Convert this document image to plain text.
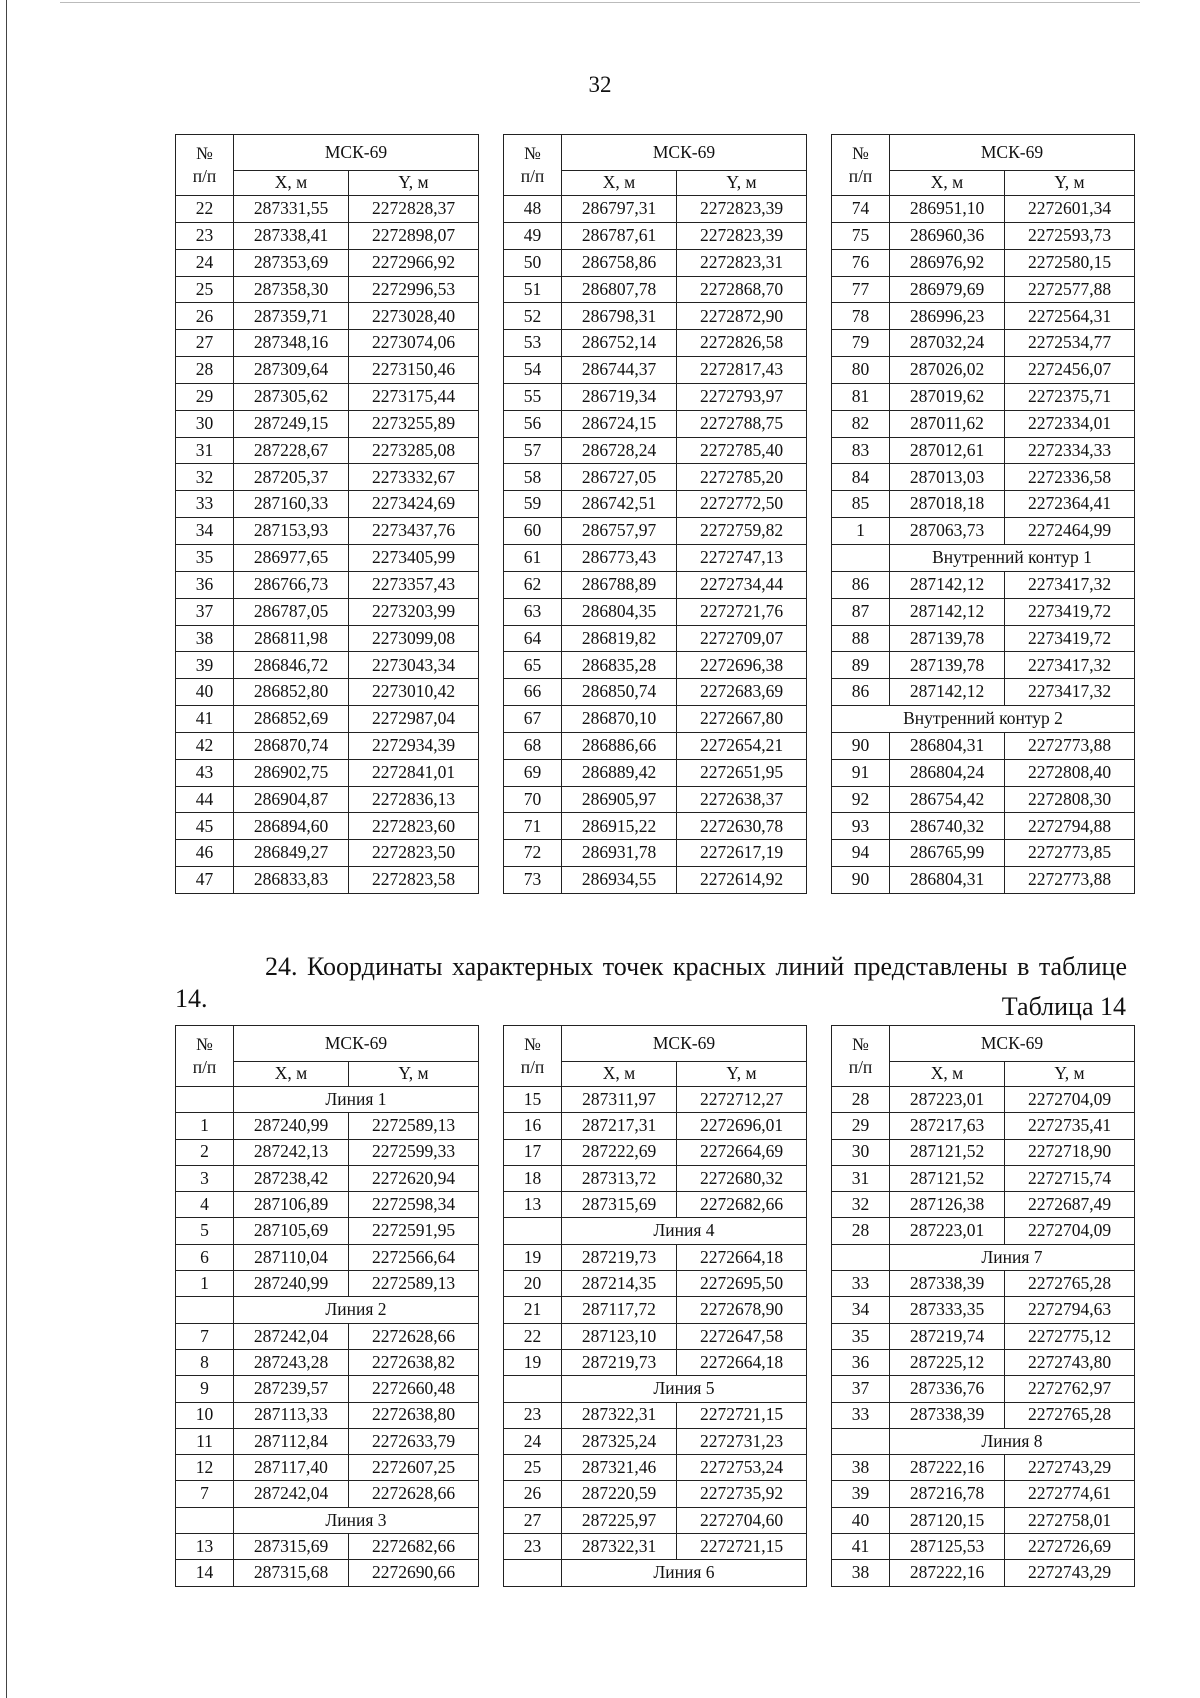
32
№
п/п	МСК-69	
	X, м	Y, м
22	287331,55	2272828,37
23	287338,41	2272898,07
24	287353,69	2272966,92
25	287358,30	2272996,53
26	287359,71	2273028,40
27	287348,16	2273074,06
28	287309,64	2273150,46
29	287305,62	2273175,44
30	287249,15	2273255,89
31	287228,67	2273285,08
32	287205,37	2273332,67
33	287160,33	2273424,69
34	287153,93	2273437,76
35	286977,65	2273405,99
36	286766,73	2273357,43
37	286787,05	2273203,99
38	286811,98	2273099,08
39	286846,72	2273043,34
40	286852,80	2273010,42
41	286852,69	2272987,04
42	286870,74	2272934,39
43	286902,75	2272841,01
44	286904,87	2272836,13
45	286894,60	2272823,60
46	286849,27	2272823,50
47	286833,83	2272823,58
№
п/п	МСК-69	
	X, м	Y, м
48	286797,31	2272823,39
49	286787,61	2272823,39
50	286758,86	2272823,31
51	286807,78	2272868,70
52	286798,31	2272872,90
53	286752,14	2272826,58
54	286744,37	2272817,43
55	286719,34	2272793,97
56	286724,15	2272788,75
57	286728,24	2272785,40
58	286727,05	2272785,20
59	286742,51	2272772,50
60	286757,97	2272759,82
61	286773,43	2272747,13
62	286788,89	2272734,44
63	286804,35	2272721,76
64	286819,82	2272709,07
65	286835,28	2272696,38
66	286850,74	2272683,69
67	286870,10	2272667,80
68	286886,66	2272654,21
69	286889,42	2272651,95
70	286905,97	2272638,37
71	286915,22	2272630,78
72	286931,78	2272617,19
73	286934,55	2272614,92
№
п/п	МСК-69	
	X, м	Y, м
74	286951,10	2272601,34
75	286960,36	2272593,73
76	286976,92	2272580,15
77	286979,69	2272577,88
78	286996,23	2272564,31
79	287032,24	2272534,77
80	287026,02	2272456,07
81	287019,62	2272375,71
82	287011,62	2272334,01
83	287012,61	2272334,33
84	287013,03	2272336,58
85	287018,18	2272364,41
1	287063,73	2272464,99
	Внутренний контур 1	
86	287142,12	2273417,32
87	287142,12	2273419,72
88	287139,78	2273419,72
89	287139,78	2273417,32
86	287142,12	2273417,32
Внутренний контур 2		
90	286804,31	2272773,88
91	286804,24	2272808,40
92	286754,42	2272808,30
93	286740,32	2272794,88
94	286765,99	2272773,85
90	286804,31	2272773,88

24. Координаты характерных точек красных линий представлены в таблице 14.	Таблица 14
№
п/п	МСК-69	
	X, м	Y, м
	Линия 1	
1	287240,99	2272589,13
2	287242,13	2272599,33
3	287238,42	2272620,94
4	287106,89	2272598,34
5	287105,69	2272591,95
6	287110,04	2272566,64
1	287240,99	2272589,13
	Линия 2	
7	287242,04	2272628,66
8	287243,28	2272638,82
9	287239,57	2272660,48
10	287113,33	2272638,80
11	287112,84	2272633,79
12	287117,40	2272607,25
7	287242,04	2272628,66
	Линия 3	
13	287315,69	2272682,66
14	287315,68	2272690,66
№
п/п	МСК-69	
	X, м	Y, м
15	287311,97	2272712,27
16	287217,31	2272696,01
17	287222,69	2272664,69
18	287313,72	2272680,32
13	287315,69	2272682,66
	Линия 4	
19	287219,73	2272664,18
20	287214,35	2272695,50
21	287117,72	2272678,90
22	287123,10	2272647,58
19	287219,73	2272664,18
	Линия 5	
23	287322,31	2272721,15
24	287325,24	2272731,23
25	287321,46	2272753,24
26	287220,59	2272735,92
27	287225,97	2272704,60
23	287322,31	2272721,15
	Линия 6	
№
п/п	МСК-69	
	X, м	Y, м
28	287223,01	2272704,09
29	287217,63	2272735,41
30	287121,52	2272718,90
31	287121,52	2272715,74
32	287126,38	2272687,49
28	287223,01	2272704,09
	Линия 7	
33	287338,39	2272765,28
34	287333,35	2272794,63
35	287219,74	2272775,12
36	287225,12	2272743,80
37	287336,76	2272762,97
33	287338,39	2272765,28
	Линия 8	
38	287222,16	2272743,29
39	287216,78	2272774,61
40	287120,15	2272758,01
41	287125,53	2272726,69
38	287222,16	2272743,29
